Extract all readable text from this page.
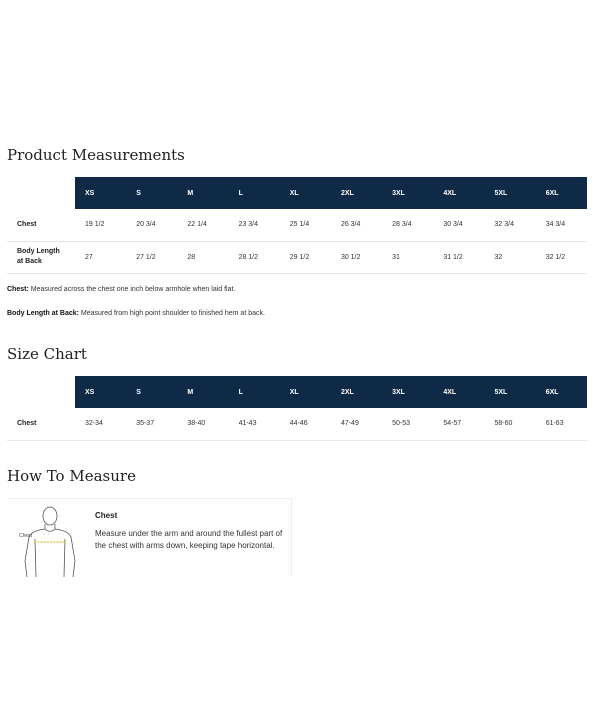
Product Measurements
	XS	S	M	L	XL	2XL	3XL	4XL	5XL	6XL
Chest	19 1/2	20 3/4	22 1/4	23 3/4	25 1/4	26 3/4	28 3/4	30 3/4	32 3/4	34 3/4

Body Length
at Back	27	27 1/2	28	28 1/2	29 1/2	30 1/2	31	31 1/2	32	32 1/2
Chest: Measured across the chest one inch below armhole when laid flat.
Body Length at Back: Measured from high point shoulder to finished hem at back.
Size Chart
	XS	S	M	L	XL	2XL	3XL	4XL	5XL	6XL
Chest	32-34	35-37	38-40	41-43	44-46	47-49	50-53	54-57	58-60	61-63
How To Measure
Chest
Chest
Measure under the arm and around the fullest part of the chest with arms down, keeping tape horizontal.
